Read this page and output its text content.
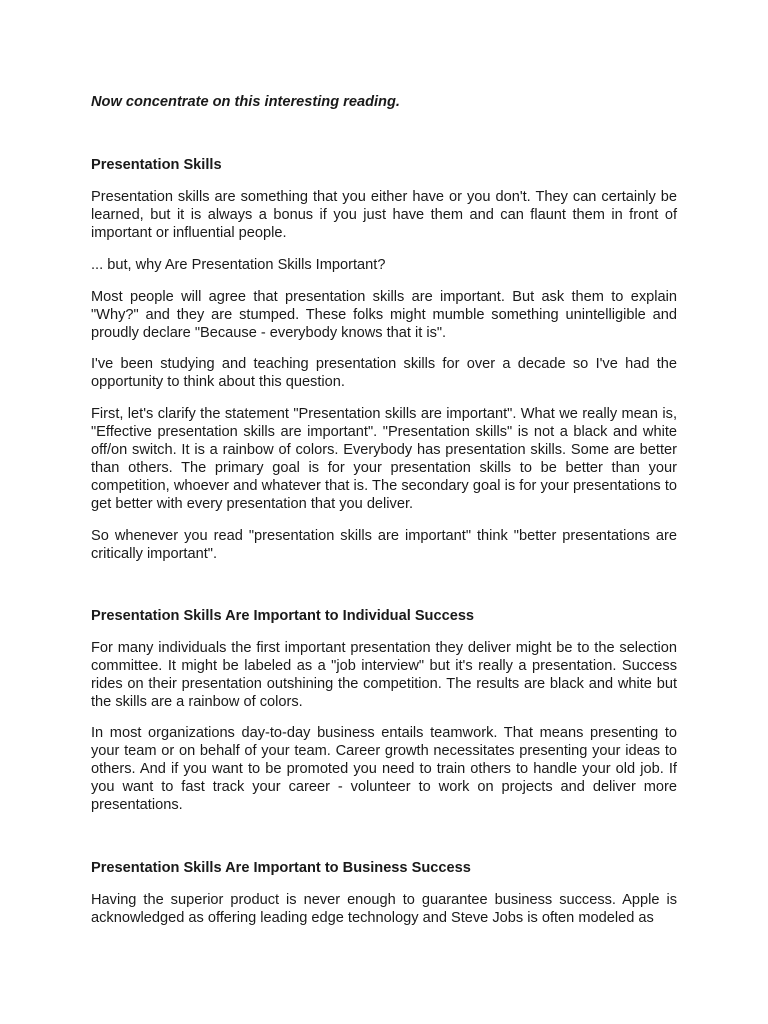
Now concentrate on this interesting reading.

Presentation Skills

Presentation skills are something that you either have or you don't. They can certainly be learned, but it is always a bonus if you just have them and can flaunt them in front of important or influential people.

... but, why Are Presentation Skills Important?

Most people will agree that presentation skills are important. But ask them to explain "Why?" and they are stumped. These folks might mumble something unintelligible and proudly declare "Because - everybody knows that it is".

I've been studying and teaching presentation skills for over a decade so I've had the opportunity to think about this question.

First, let's clarify the statement "Presentation skills are important". What we really mean is, "Effective presentation skills are important". "Presentation skills" is not a black and white off/on switch. It is a rainbow of colors. Everybody has presentation skills. Some are better than others. The primary goal is for your presentation skills to be better than your competition, whoever and whatever that is. The secondary goal is for your presentations to get better with every presentation that you deliver.

So whenever you read "presentation skills are important" think "better presentations are critically important".

Presentation Skills Are Important to Individual Success

For many individuals the first important presentation they deliver might be to the selection committee. It might be labeled as a "job interview" but it's really a presentation. Success rides on their presentation outshining the competition. The results are black and white but the skills are a rainbow of colors.

In most organizations day-to-day business entails teamwork. That means presenting to your team or on behalf of your team. Career growth necessitates presenting your ideas to others. And if you want to be promoted you need to train others to handle your old job. If you want to fast track your career - volunteer to work on projects and deliver more presentations.

Presentation Skills Are Important to Business Success

Having the superior product is never enough to guarantee business success. Apple is acknowledged as offering leading edge technology and Steve Jobs is often modeled as
